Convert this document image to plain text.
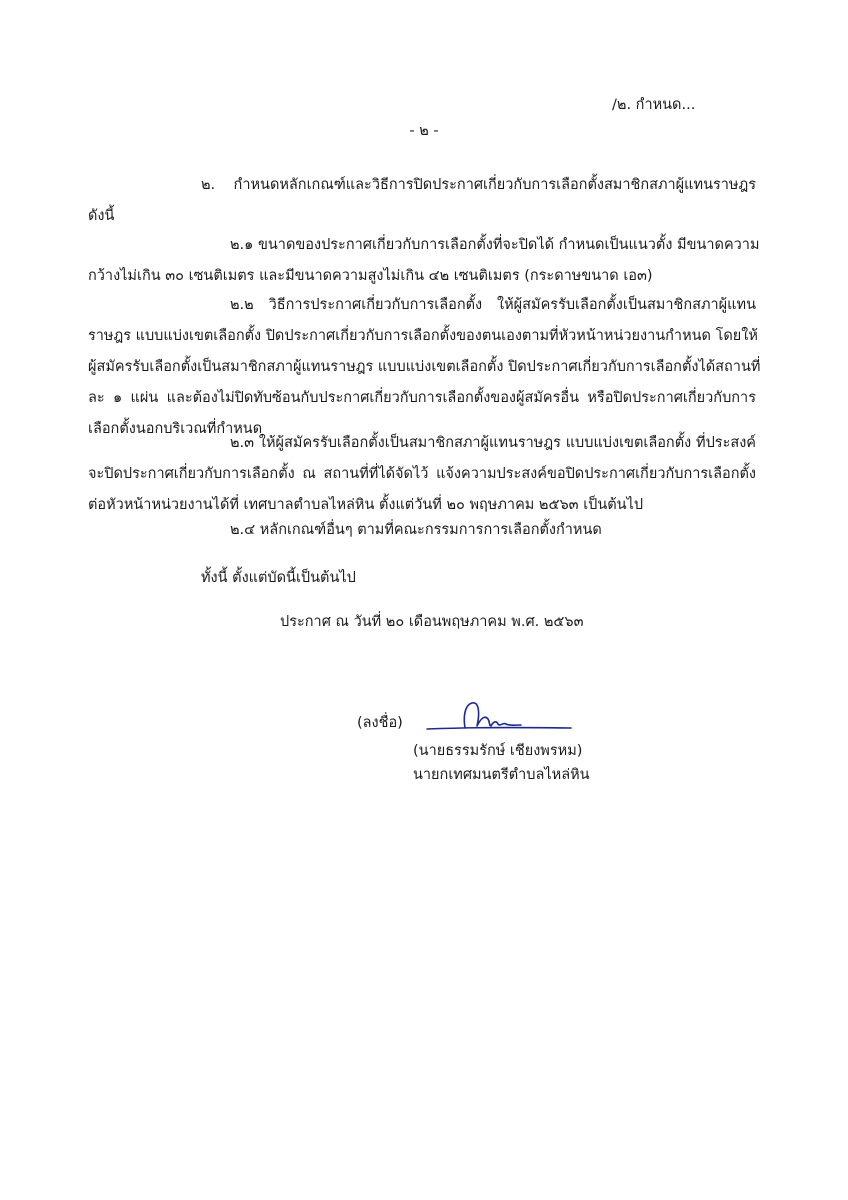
/๒. กำหนด...
- ๒ -
๒. กำหนดหลักเกณฑ์และวิธีการปิดประกาศเกี่ยวกับการเลือกตั้งสมาชิกสภาผู้แทนราษฎร
ดังนี้
๒.๑ ขนาดของประกาศเกี่ยวกับการเลือกตั้งที่จะปิดได้ กำหนดเป็นแนวตั้ง มีขนาดความ
กว้างไม่เกิน ๓๐ เซนติเมตร และมีขนาดความสูงไม่เกิน ๔๒ เซนติเมตร (กระดาษขนาด เอ๓)
๒.๒ วิธีการประกาศเกี่ยวกับการเลือกตั้ง ให้ผู้สมัครรับเลือกตั้งเป็นสมาชิกสภาผู้แทน
ราษฎร แบบแบ่งเขตเลือกตั้ง ปิดประกาศเกี่ยวกับการเลือกตั้งของตนเองตามที่หัวหน้าหน่วยงานกำหนด โดยให้
ผู้สมัครรับเลือกตั้งเป็นสมาชิกสภาผู้แทนราษฎร แบบแบ่งเขตเลือกตั้ง ปิดประกาศเกี่ยวกับการเลือกตั้งได้สถานที่
ละ ๑ แผ่น และต้องไม่ปิดทับซ้อนกับประกาศเกี่ยวกับการเลือกตั้งของผู้สมัครอื่น หรือปิดประกาศเกี่ยวกับการ
เลือกตั้งนอกบริเวณที่กำหนด
๒.๓ ให้ผู้สมัครรับเลือกตั้งเป็นสมาชิกสภาผู้แทนราษฎร แบบแบ่งเขตเลือกตั้ง ที่ประสงค์
จะปิดประกาศเกี่ยวกับการเลือกตั้ง ณ สถานที่ที่ได้จัดไว้ แจ้งความประสงค์ขอปิดประกาศเกี่ยวกับการเลือกตั้ง
ต่อหัวหน้าหน่วยงานได้ที่ เทศบาลตำบลไหล่หิน ตั้งแต่วันที่ ๒๐ พฤษภาคม ๒๕๖๓ เป็นต้นไป
๒.๔ หลักเกณฑ์อื่นๆ ตามที่คณะกรรมการการเลือกตั้งกำหนด
ทั้งนี้ ตั้งแต่บัดนี้เป็นต้นไป
ประกาศ ณ วันที่ ๒๐ เดือนพฤษภาคม พ.ศ. ๒๕๖๓
(ลงชื่อ)
(นายธรรมรักษ์ เชียงพรหม)
นายกเทศมนตรีตำบลไหล่หิน
